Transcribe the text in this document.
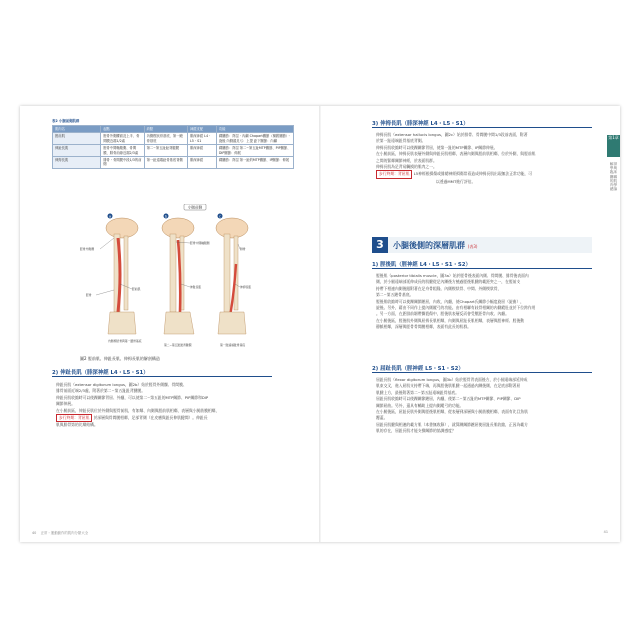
表2 小腿前側肌群
肌肉名	起點	終點	神經支配	功能
脛前肌	脛骨外側髁面及上半、骨間膜近端1/2處	內側楔狀骨基底、第一蹠骨基底	腓深神經 L4・L5・S1	踝關節：背屈・內翻 Chopart關節（橫跗關節）・旋後 內側縱足弓：上提 距下關節：內翻
伸趾長肌	脛骨中間軸腹側、骨間膜、腓骨前緣近端2/3處	第二~第五趾趾背腱膜	腓深神經	踝關節：背屈 第二~第五趾MTP關節、PIP關節、DIP關節：伸展
伸拇長肌	腓骨・骨間膜中段1/3的前側	第一趾遠端趾骨基底背側	腓深神經	踝關節：背屈 第一趾的MTP關節、IP關節：伸展
小腿前側
a	b	c
脛骨外側髁
脛骨
脛前肌
內側楔狀骨與第一蹠骨基底
脛骨中間軸腹側
伸趾長肌
第二~第五趾趾背腱膜
腓骨
伸拇長肌
第一趾遠端趾骨基底
圖2 脛前肌、伸趾長肌、伸拇長肌的解剖構造
2) 伸趾長肌（腓深神經 L4・L5・S1）
伸趾長肌（extensor digitorum longus，圖2b）始於脛骨外側髁、骨間膜、
腓骨前面近端2/3處，附著於第二~第五趾趾背腱膜。
伸趾長肌收縮時可以使踝關節背屈、外翻，可以使第二~第五趾的MTP關節、PIP關節和DIP
關節伸展。
在小腿前區，伸趾長肌位於外側與脛骨前肌，有如鄰、內側與脛前肌相鄰，表層與小腿筋膜相鄰，
步行終期：背屈肌 於深層與骨間膜相鄰，足部背側（在皮膚與趾長伸肌腱間）。伸趾長
肌與腓骨第的比鄰結構。
40 正常・運動動作的肌肉分類大全
3) 伸拇長肌（腓深神經 L4・L5・S1）
伸拇長肌（extensor hallucis longus，圖2c）始於腓骨、骨間膜中間1/3段前表面，附著
於第一趾遠端趾骨基底背側。
伸拇長肌收縮時可以使踝關節背屈，使第一趾的MTP關節、IP關節伸展。
在小腿前區，伸拇長肌表層外側與伸趾長肌相鄰，表層內側與脛前肌相鄰，位於外側，與脛前肌
之間的緊鄰關節神經，於表面肌群。
伸拇長肌為足背易觸摸的肌肉之一。
步行終期：背屈肌 L5神經根損傷或腓總神經損傷常看造成伸拇長肌出現無法正常功能，可
以透過MMT進行評估。
3	小腿後側的深層肌群 (表3)
1) 脛後肌（脛神經 L4・L5・S1・S2）
脛後肌（posterior tibialis muscle，圖3a）始於脛骨後表面內側、骨間膜、腓骨後表面內
側，於小腿遠端部延伸成長的肌腱從足內踝後方繞過脛後肌腱的載距突之一，在脛前支
持帶下相連內側後跟附著在足舟骨粗隆、內側楔狀骨、中間、外側楔狀骨，
第二~第五蹠骨基底。
脛後肌收縮時可以使踝關節蹠屈，內收，內翻，使Chopart氏關節小幅度旋屈（旋曲），
旋後。另外，藉由不同作上提內側縱弓的功能。由有相聯有歧骨相關的內側縱肚並於下位跨作用
。另一方面，在距腓前韌帶撕裂傷中，脛後肌表層反而會受壓距骨內收、內翻。
在小腿後區，脛後肌外側與屈拇長肌相鄰，內側與屈趾長肌相鄰，表層與脛神經、脛後動
靜脈相鄰，深層與脛骨骨間膜相鄰，表面有此長的肌群。
2) 屈趾長肌（脛神經 L5・S1・S2）
屈趾長肌（flexor digitorum longus，圖3b）始於脛骨背表面後方，於小腿遠端部延伸成
肌束交叉，進入屈肌支持帶下端，再與脛後肌肌腱一起通過內踝後側，在足底部附著屈
肌腱上方，最後附著第二~第五趾遠端趾骨基底。
屈趾長肌收縮時可以使踝關節蹠屈，內翻，使第二~第五趾的MTP關節、PIP關節、DIP
關節屈曲。另外，還具有輔助上提內側縱弓的功能。
在小腿後區，屈趾長肌外側與脛後肌相鄰，從表層到深層與小腿筋膜相鄰，表面有比目魚肌
覆蓋。
屈趾長肌腱與相連的載方肌（本書無收錄），就算踝關節蹠屈使屈趾長肌收縮，正因為載方
肌的存在，屈趾長肌才能支撐關節的協調感度？
第1章
解剖學與臨床關聯的肌肉學總論
41
